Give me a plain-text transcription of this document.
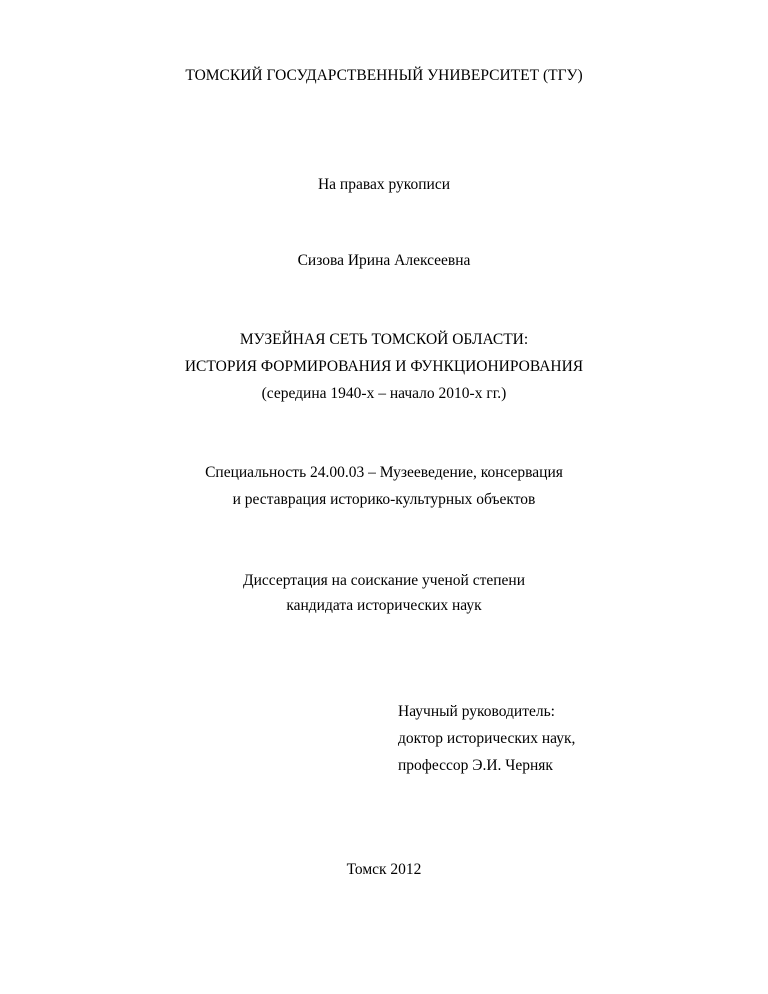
ТОМСКИЙ ГОСУДАРСТВЕННЫЙ УНИВЕРСИТЕТ (ТГУ)
На правах рукописи
Сизова Ирина Алексеевна
МУЗЕЙНАЯ СЕТЬ ТОМСКОЙ ОБЛАСТИ:
ИСТОРИЯ ФОРМИРОВАНИЯ И ФУНКЦИОНИРОВАНИЯ
(середина 1940-х – начало 2010-х гг.)
Специальность 24.00.03 – Музееведение, консервация
и реставрация историко-культурных объектов
Диссертация на соискание ученой степени
кандидата исторических наук
Научный руководитель:
доктор исторических наук,
профессор Э.И. Черняк
Томск 2012
